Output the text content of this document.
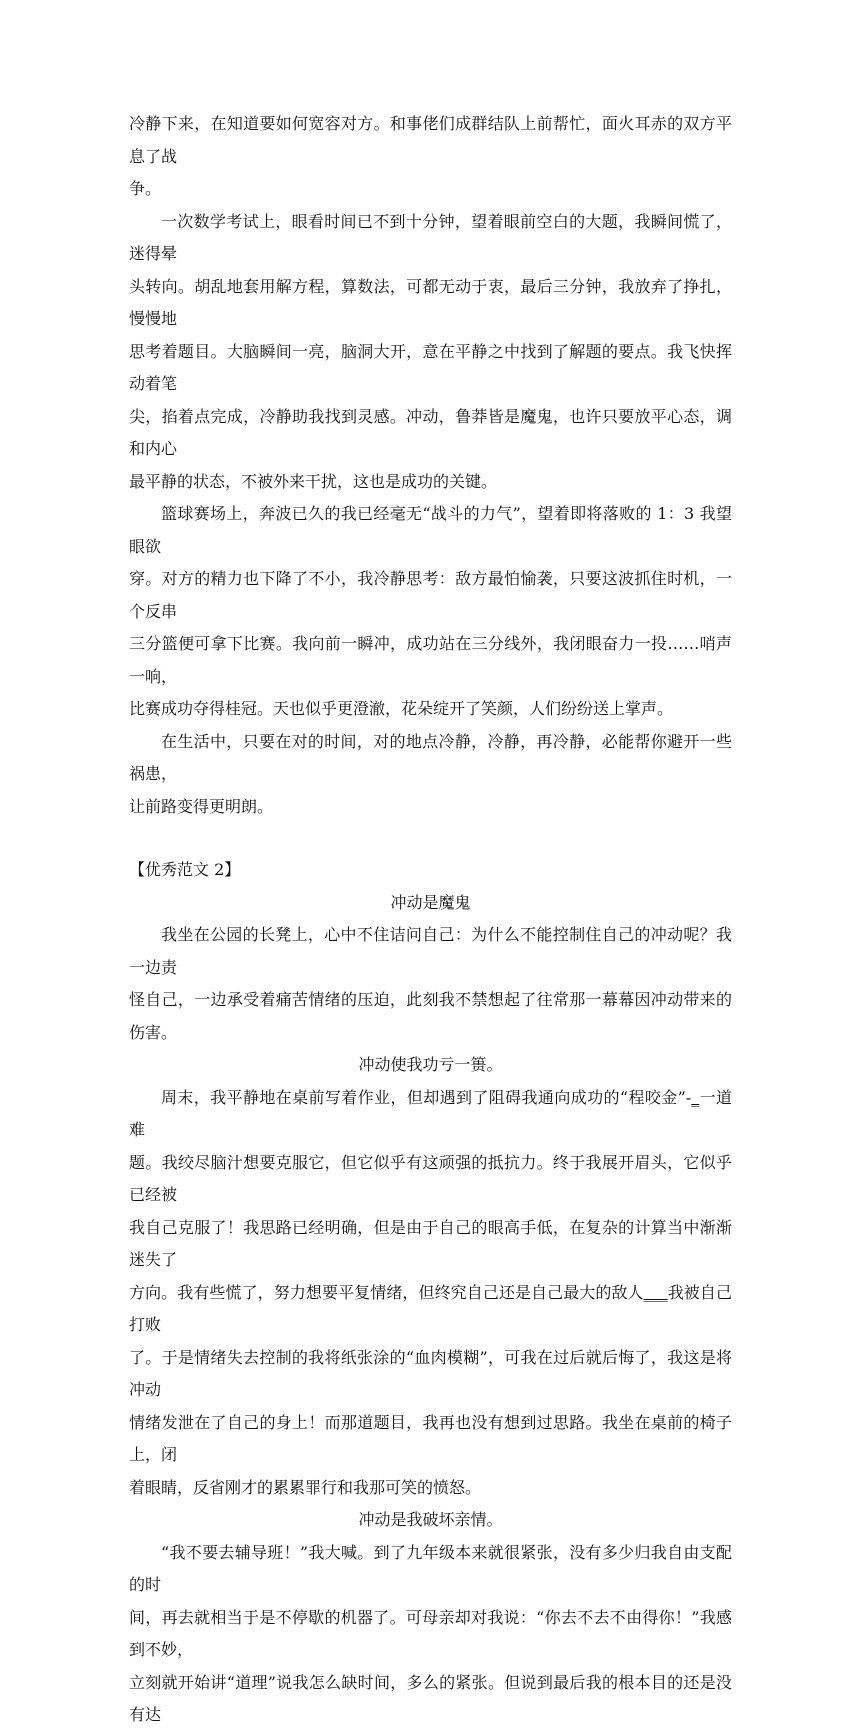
冷静下来，在知道要如何宽容对方。和事佬们成群结队上前帮忙，面火耳赤的双方平息了战
争。

一次数学考试上，眼看时间已不到十分钟，望着眼前空白的大题，我瞬间慌了，迷得晕
头转向。胡乱地套用解方程，算数法，可都无动于衷，最后三分钟，我放弃了挣扎，慢慢地
思考着题目。大脑瞬间一亮，脑洞大开，意在平静之中找到了解题的要点。我飞快挥动着笔
尖，掐着点完成，冷静助我找到灵感。冲动，鲁莽皆是魔鬼，也许只要放平心态，调和内心
最平静的状态，不被外来干扰，这也是成功的关键。

篮球赛场上，奔波已久的我已经毫无“战斗的力气”，望着即将落败的 1：3 我望眼欲
穿。对方的精力也下降了不小，我冷静思考：敌方最怕愉袭，只要这波抓住时机，一个反串
三分篮便可拿下比赛。我向前一瞬冲，成功站在三分线外，我闭眼奋力一投……哨声一响，
比赛成功夺得桂冠。天也似乎更澄澈，花朵绽开了笑颜，人们纷纷送上掌声。

在生活中，只要在对的时间，对的地点冷静，冷静，再冷静，必能帮你避开一些祸患，
让前路变得更明朗。

【优秀范文 2】

冲动是魔鬼

我坐在公园的长凳上，心中不住诘问自己：为什么不能控制住自己的冲动呢？我一边责
怪自己，一边承受着痛苦情绪的压迫，此刻我不禁想起了往常那一幕幕因冲动带来的伤害。

冲动使我功亏一篑。

周末，我平静地在桌前写着作业，但却遇到了阻碍我通向成功的“程咬金”-_一道难
题。我绞尽脑汁想要克服它，但它似乎有这顽强的抵抗力。终于我展开眉头，它似乎已经被
我自己克服了！我思路已经明确，但是由于自己的眼高手低，在复杂的计算当中渐渐迷失了
方向。我有些慌了，努力想要平复情绪，但终究自己还是自己最大的敌人___我被自己打败
了。于是情绪失去控制的我将纸张涂的“血肉模糊”，可我在过后就后悔了，我这是将冲动
情绪发泄在了自己的身上！而那道题目，我再也没有想到过思路。我坐在桌前的椅子上，闭
着眼睛，反省刚才的累累罪行和我那可笑的愤怒。

冲动是我破坏亲情。

“我不要去辅导班！”我大喊。到了九年级本来就很紧张，没有多少归我自由支配的时
间，再去就相当于是不停歇的机器了。可母亲却对我说：“你去不去不由得你！”我感到不妙，
立刻就开始讲“道理”说我怎么缺时间，多么的紧张。但说到最后我的根本目的还是没有达
